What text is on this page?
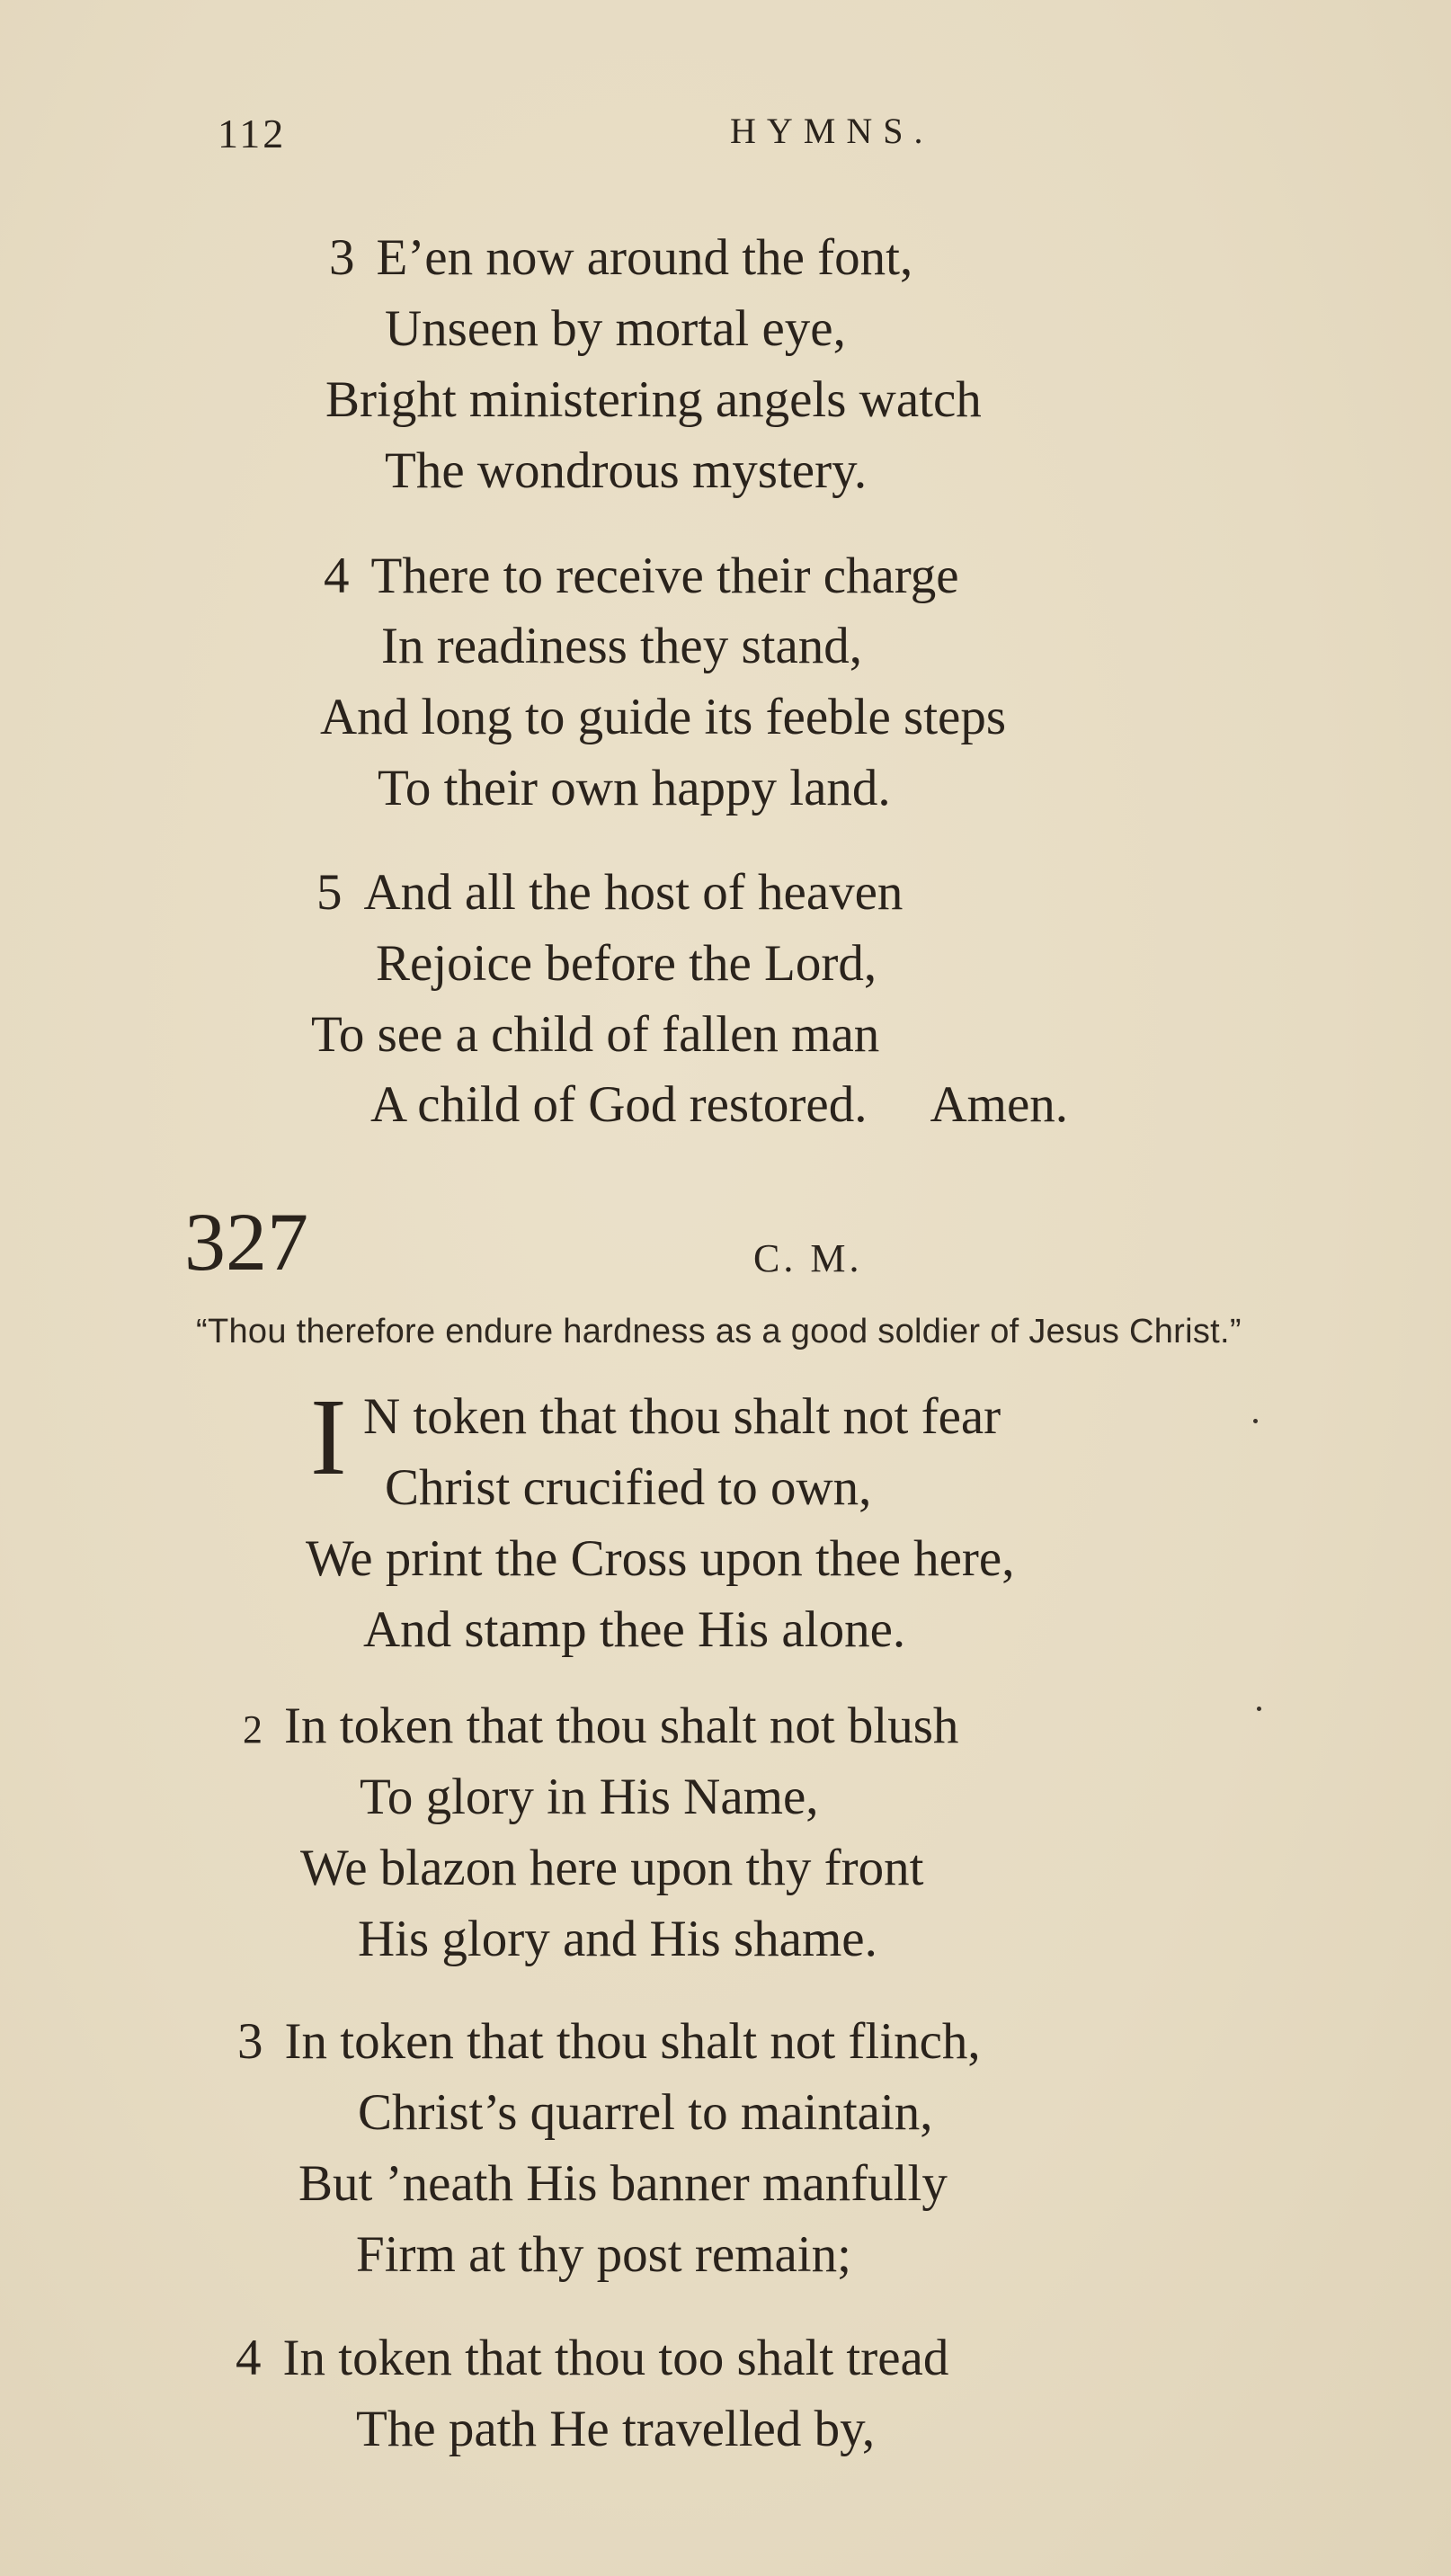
112	HYMNS.
3 E’en now around the font,
Unseen by mortal eye,
Bright ministering angels watch
The wondrous mystery.
4 There to receive their charge
In readiness they stand,
And long to guide its feeble steps
To their own happy land.
5 And all the host of heaven
Rejoice before the Lord,
To see a child of fallen man
A child of God restored. Amen.
327	C. M.
“Thou therefore endure hardness as a good soldier of Jesus Christ.”
I N token that thou shalt not fear
Christ crucified to own,
We print the Cross upon thee here,
And stamp thee His alone.
2 In token that thou shalt not blush
To glory in His Name,
We blazon here upon thy front
His glory and His shame.
3 In token that thou shalt not flinch,
Christ’s quarrel to maintain,
But ’neath His banner manfully
Firm at thy post remain;
4 In token that thou too shalt tread
The path He travelled by,
